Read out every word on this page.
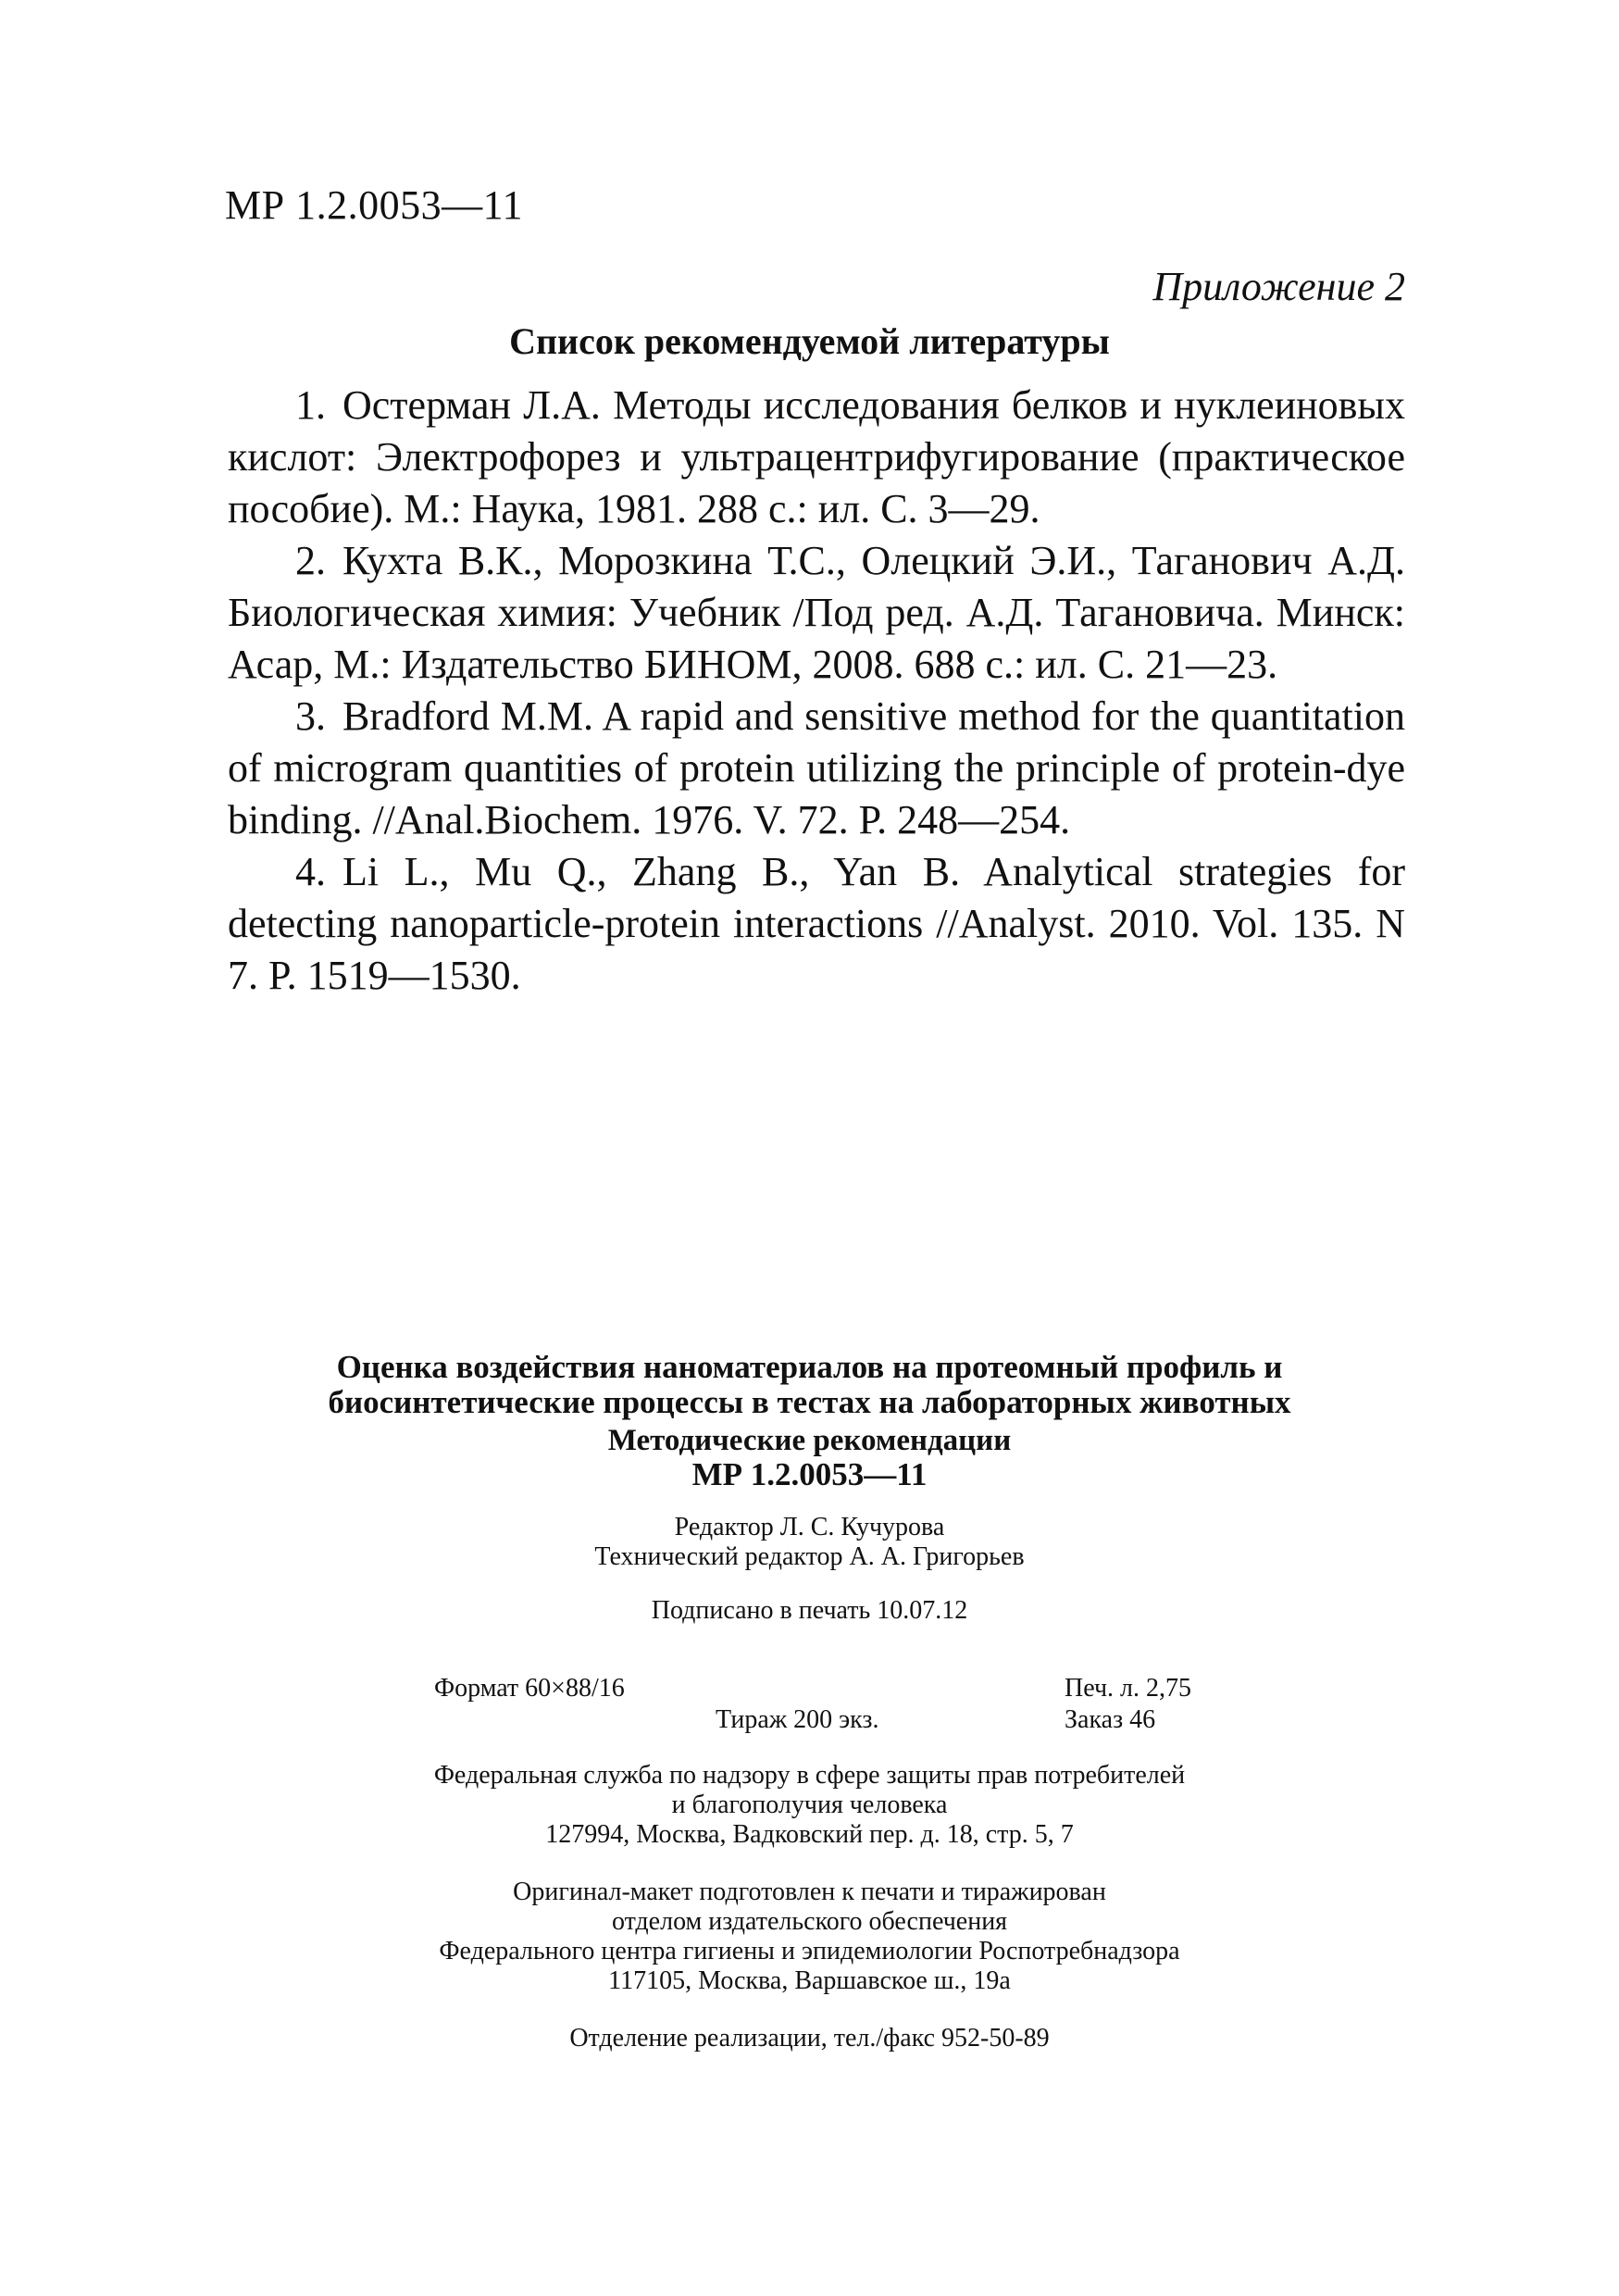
МР 1.2.0053—11
Приложение 2
Список рекомендуемой литературы

1. Остерман Л.А. Методы исследования белков и нуклеиновых кислот: Электрофорез и ультрацентрифугирование (практическое пособие). М.: Наука, 1981. 288 с.: ил. С. 3—29.

2. Кухта В.К., Морозкина Т.С., Олецкий Э.И., Таганович А.Д. Биологическая химия: Учебник /Под ред. А.Д. Тагановича. Минск: Асар, М.: Издательство БИНОМ, 2008. 688 с.: ил. С. 21—23.

3. Bradford M.M. A rapid and sensitive method for the quantitation of microgram quantities of protein utilizing the principle of protein-dye binding. //Anal.Biochem. 1976. V. 72. P. 248—254.

4. Li L., Mu Q., Zhang B., Yan B. Analytical strategies for detecting nanoparticle-protein interactions //Analyst. 2010. Vol. 135. N 7. P. 1519—1530.

Оценка воздействия наноматериалов на протеомный профиль и
биосинтетические процессы в тестах на лабораторных животных
Методические рекомендации
МР 1.2.0053—11
Редактор Л. С. Кучурова
Технический редактор А. А. Григорьев
Подписано в печать 10.07.12
Формат 60×88/16	Печ. л. 2,75
Тираж 200 экз.	Заказ 46
Федеральная служба по надзору в сфере защиты прав потребителей
и благополучия человека
127994, Москва, Вадковский пер. д. 18, стр. 5, 7
Оригинал-макет подготовлен к печати и тиражирован
отделом издательского обеспечения
Федерального центра гигиены и эпидемиологии Роспотребнадзора
117105, Москва, Варшавское ш., 19а
Отделение реализации, тел./факс 952-50-89
